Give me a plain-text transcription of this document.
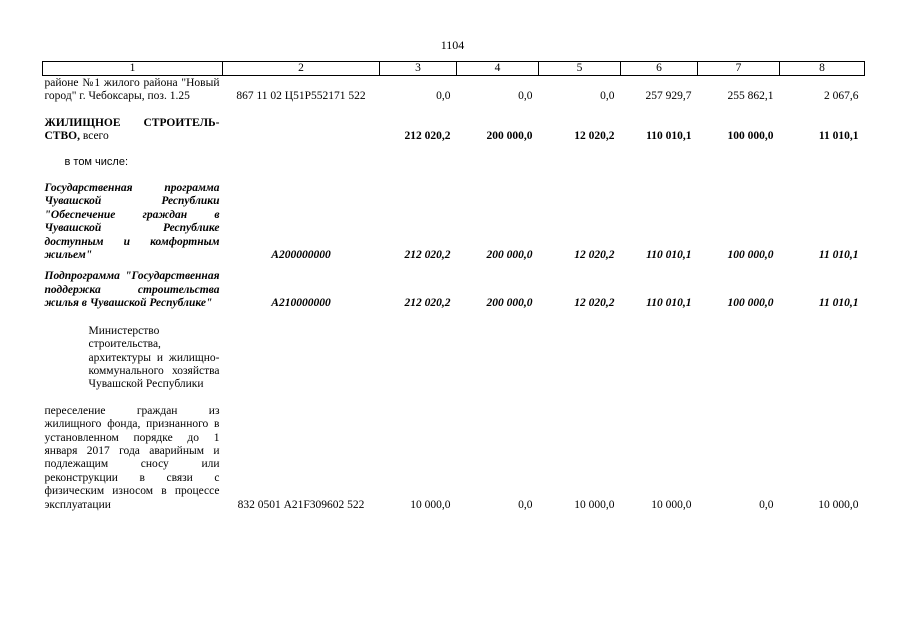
1104
1	2	3	4	5	6	7	8
районе №1 жилого района "Новый город" г. Чебоксары, поз. 1.25	867 11 02 Ц51Р552171 522	0,0	0,0	0,0	257 929,7	255 862,1	2 067,6
ЖИЛИЩНОЕ СТРОИТЕЛЬ-СТВО, всего		212 020,2	200 000,0	12 020,2	110 010,1	100 000,0	11 010,1
в том числе:							
Государственная программа Чувашской Республики "Обеспечение граждан в Чувашской Республике доступным и комфортным жильем"	А200000000	212 020,2	200 000,0	12 020,2	110 010,1	100 000,0	11 010,1
Подпрограмма "Государственная поддержка строительства жилья в Чувашской Республике"	А210000000	212 020,2	200 000,0	12 020,2	110 010,1	100 000,0	11 010,1
Министерство строительства, архитектуры и жилищно-коммунального хозяйства Чувашской Республики							
переселение граждан из жилищного фонда, признанного в установленном порядке до 1 января 2017 года аварийным и подлежащим сносу или реконструкции в связи с физическим износом в процессе эксплуатации	832 0501 А21F309602 522	10 000,0	0,0	10 000,0	10 000,0	0,0	10 000,0
